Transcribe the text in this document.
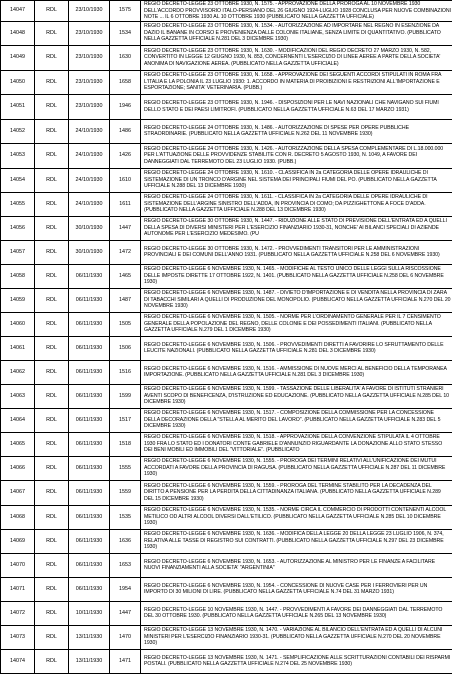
14047	RDL	23/10/1930	1575	REGIO DECRETO-LEGGE 23 OTTOBRE 1930, N. 1575. - APPROVAZIONE DELLA PROROGA AL 10 NOVEMBRE 1930 DELL'ACCORDO PROVVISORIO ITALO-PERSIANO DEL 26 GIUGNO 1924-LUGLIO 1928 CONCLUSA PER NUOVE COMBINAZIONI NOTE ... IL 6 OTTOBRE 1930 AL 10 OTTOBRE 1930 (PUBBLICATO NELLA GAZZETTA UFFICIALE)
14048	RDL	23/10/1930	1534	REGIO DECRETO-LEGGE 23 OTTOBRE 1930, N. 1534. - AUTORIZZAZIONE AD IMPORTARE NEL REGNO IN ESENZIONE DA DAZIO IL BANANE IN CORSO E PROVENIENZA DALLE COLONIE ITALIANE, SENZA LIMITE DI QUANTITATIVO. (PUBBLICATO NELLA GAZZETTA UFFICIALE N.281 DEL 3 DICEMBRE 1930)
14049	RDL	23/10/1930	1630	REGIO DECRETO-LEGGE 23 OTTOBRE 1930, N. 1630. - MODIFICAZIONI DEL REGIO DECRETO 27 MARZO 1930, N. 582, CONVERTITO IN LEGGE 12 GIUGNO 1930, N. 853, CONCERNENTI L'ESERCIZIO DI LINEE AEREE A PARTE DELLA SOCIETA' ANONIMA DI NAVIGAZIONE AEREA. (PUBBLICATO NELLA GAZZETTA UFFICIALE)
14050	RDL	23/10/1930	1658	REGIO DECRETO-LEGGE 23 OTTOBRE 1930, N. 1658. - APPROVAZIONE DEI SEGUENTI ACCORDI STIPULATI IN ROMA FRA L'ITALIA E LA POLONIA IL 23 LUGLIO 1930: 1. ACCORDO IN MATERIA DI PROIBIZIONI E RESTRIZIONI ALL'IMPORTAZIONE E ESPORTAZIONE; SANITA' VETERINARIA. (PUBB.)
14051	RDL	23/10/1930	1946	REGIO DECRETO-LEGGE 23 OTTOBRE 1930, N. 1946. - DISPOSIZIONI PER LE NAVI NAZIONALI CHE NAVIGANO SUI FIUMI DELLO STATO E DEI PAESI LIMITROFI. (PUBBLICATO NELLA GAZZETTA UFFICIALE N.63 DEL 17 MARZO 1931)
14052	RDL	24/10/1930	1486	REGIO DECRETO-LEGGE 24 OTTOBRE 1930, N. 1486. - AUTORIZZAZIONE DI SPESE PER OPERE PUBBLICHE STRAORDINARIE. (PUBBLICATO NELLA GAZZETTA UFFICIALE N.262 DEL 11 NOVEMBRE 1930)
14053	RDL	24/10/1930	1426	REGIO DECRETO-LEGGE 24 OTTOBRE 1930, N. 1426. - AUTORIZZAZIONE DELLA SPESA COMPLEMENTARE DI L.18.000.000 PER L'ATTUAZIONE DELLE PROVVIDENZE STABILITE CON R. DECRETO 5 AGOSTO 1930, N. 1049, A FAVORE DEI DANNEGGIATI DAL TERREMOTO DEL 23 LUGLIO 1930. (PUBB.)
14054	RDL	24/10/1930	1610	REGIO DECRETO-LEGGE 24 OTTOBRE 1930, N. 1610. - CLASSIFICA IN 2a CATEGORIA DELLE OPERE IDRAULICHE DI SISTEMAZIONE DI UN TRONCO D'ARGINE NEL SISTEMA DEI PRINCIPALI FIUMI DEL PO. (PUBBLICATO NELLA GAZZETTA UFFICIALE N.288 DEL 13 DICEMBRE 1930)
14055	RDL	24/10/1930	1611	REGIO DECRETO-LEGGE 24 OTTOBRE 1930, N. 1611. - CLASSIFICA IN 2a CATEGORIA DELLE OPERE IDRAULICHE DI SISTEMAZIONE DELL'ARGINE SINISTRO DELL'ADDA, IN PROVINCIA DI COMO; DA PIZZIGHETTONE A FOCE D'ADDA. (PUBBLICATO NELLA GAZZETTA UFFICIALE N.288 DEL 13 DICEMBRE 1930)
14056	RDL	30/10/1930	1447	REGIO DECRETO-LEGGE 30 OTTOBRE 1930, N. 1447. - RIDUZIONE ALLE STATO DI PREVISIONE DELL'ENTRATA ED A QUELLI DELLA SPESA DI DIVERSI MINISTERI PER L'ESERCIZIO FINANZIARIO 1930-31, NONCHE' AI BILANCI SPECIALI DI AZIENDE AUTONOME PER L'ESERCIZIO MEDESIMO. (PU
14057	RDL	30/10/1930	1472	REGIO DECRETO-LEGGE 30 OTTOBRE 1930, N. 1472. - PROVVEDIMENTI TRANSITORI PER LE AMMINISTRAZIONI PROVINCIALI E DEI COMUNI DELL'ANNO 1931. (PUBBLICATO NELLA GAZZETTA UFFICIALE N.258 DEL 6 NOVEMBRE 1930)
14058	RDL	06/11/1930	1465	REGIO DECRETO-LEGGE 6 NOVEMBRE 1930, N. 1465. - MODIFICHE AL TESTO UNICO DELLE LEGGI SULLA RISCOSSIONE DELLE IMPOSTE DIRETTE 17 OTTOBRE 1922, N. 1401. (PUBBLICATO NELLA GAZZETTA UFFICIALE N.258 DEL 6 NOVEMBRE 1930)
14059	RDL	06/11/1930	1487	REGIO DECRETO-LEGGE 6 NOVEMBRE 1930, N. 1487. - DIVIETO D'IMPORTAZIONE E DI VENDITA NELLA PROVINCIA DI ZARA DI TABACCHI SIMILARI A QUELLI DI PRODUZIONE DEL MONOPOLIO. (PUBBLICATO NELLA GAZZETTA UFFICIALE N.270 DEL 20 NOVEMBRE 1930)
14060	RDL	06/11/1930	1505	REGIO DECRETO-LEGGE 6 NOVEMBRE 1930, N. 1505. - NORME PER L'ORDINAMENTO GENERALE PER IL 7 CENSIMENTO GENERALE DELLA POPOLAZIONE DEL REGNO, DELLE COLONIE E DEI POSSEDIMENTI ITALIANI. (PUBBLICATO NELLA GAZZETTA UFFICIALE N.279 DEL 1 DICEMBRE 1930)
14061	RDL	06/11/1930	1506	REGIO DECRETO-LEGGE 6 NOVEMBRE 1930, N. 1506. - PROVVEDIMENTI DIRETTI A FAVORIRE LO SFRUTTAMENTO DELLE LEUCITE NAZIONALI. (PUBBLICATO NELLA GAZZETTA UFFICIALE N.281 DEL 3 DICEMBRE 1930)
14062	RDL	06/11/1930	1516	REGIO DECRETO-LEGGE 6 NOVEMBRE 1930, N. 1516. - AMMISSIONE DI NUOVE MERCI AL BENEFICIO DELLA TEMPORANEA IMPORTAZIONE. (PUBBLICATO NELLA GAZZETTA UFFICIALE N.281 DEL 3 DICEMBRE 1930)
14063	RDL	06/11/1930	1599	REGIO DECRETO-LEGGE 6 NOVEMBRE 1930, N. 1599. - TASSAZIONE DELLE LIBERALITA' A FAVORE DI ISTITUTI STRANIERI AVENTI SCOPO DI BENEFICENZA, D'ISTRUZIONE ED EDUCAZIONE. (PUBBLICATO NELLA GAZZETTA UFFICIALE N.285 DEL 10 DICEMBRE 1930)
14064	RDL	06/11/1930	1517	REGIO DECRETO-LEGGE 6 NOVEMBRE 1930, N. 1517. - COMPOSIZIONE DELLA COMMISSIONE PER LA CONCESSIONE DELLA DECORAZIONE DELLA "STELLA AL MERITO DEL LAVORO". (PUBBLICATO NELLA GAZZETTA UFFICIALE N.283 DEL 5 DICEMBRE 1930)
14065	RDL	06/11/1930	1518	REGIO DECRETO-LEGGE 6 NOVEMBRE 1930, N. 1518. - APPROVAZIONE DELLA CONVENZIONE STIPULATA IL 4 OTTOBRE 1930 FRA LO STATO ED I DONATORI CONTE GABRIELE D'ANNUNZIO RIGUARDANTE LA DONAZIONE ALLO STATO STESSO DEI BENI MOBILI ED IMMOBILI DEL "VITTORIALE". (PUBBLICATO
14066	RDL	06/11/1930	1555	REGIO DECRETO-LEGGE 6 NOVEMBRE 1930, N. 1555. - PROROGA DEI TERMINI RELATIVI ALL'UNIFICAZIONE DEI MUTUI ACCORDATI A FAVORE DELLA PROVINCIA DI RAGUSA. (PUBBLICATO NELLA GAZZETTA UFFICIALE N.287 DEL 11 DICEMBRE 1930)
14067	RDL	06/11/1930	1559	REGIO DECRETO-LEGGE 6 NOVEMBRE 1930, N. 1559. - PROROGA DEL TERMINE STABILITO PER LA DECADENZA DEL DIRITTO A PENSIONE PER LA PERDITA DELLA CITTADINANZA ITALIANA. (PUBBLICATO NELLA GAZZETTA UFFICIALE N.289 DEL 15 DICEMBRE 1930)
14068	RDL	06/11/1930	1535	REGIO DECRETO-LEGGE 6 NOVEMBRE 1930, N. 1535. - NORME CIRCA IL COMMERCIO DI PRODOTTI CONTENENTI ALCOOL METILICO OD ALTRI ALCOOL DIVERSI DALL'ETILICO. (PUBBLICATO NELLA GAZZETTA UFFICIALE N.285 DEL 10 DICEMBRE 1930)
14069	RDL	06/11/1930	1636	REGIO DECRETO-LEGGE 6 NOVEMBRE 1930, N. 1636. - MODIFICA DELLA LEGGE 20 DELLA LEGGE 23 LUGLIO 1906, N. 374, RELATIVA ALLE TASSE DI REGISTRO SUI CONTRATTI. (PUBBLICATO NELLA GAZZETTA UFFICIALE N.297 DEL 23 DICEMBRE 1930)
14070	RDL	06/11/1930	1653	REGIO DECRETO-LEGGE 6 NOVEMBRE 1930, N. 1653. - AUTORIZZAZIONE AL MINISTRO PER LE FINANZE A FACILITARE NUOVI FINANZIAMENTI ALLA SOCIETA' "ARGENTINIA"
14071	RDL	06/11/1930	1954	REGIO DECRETO-LEGGE 6 NOVEMBRE 1930, N. 1954. - CONCESSIONE DI NUOVE CASE PER I FERROVIERI PER UN IMPORTO DI 30 MILIONI DI LIRE. (PUBBLICATO NELLA GAZZETTA UFFICIALE N.74 DEL 31 MARZO 1931)
14072	RDL	10/11/1930	1447	REGIO DECRETO-LEGGE 10 NOVEMBRE 1930, N. 1447. - PROVVEDIMENTI A FAVORE DEI DANNEGGIATI DAL TERREMOTO DEL 30 OTTOBRE 1930. (PUBBLICATO NELLA GAZZETTA UFFICIALE N.265 DEL 13 NOVEMBRE 1930)
14073	RDL	13/11/1930	1470	REGIO DECRETO-LEGGE 13 NOVEMBRE 1930, N. 1470. - VARIAZIONE AL BILANCIO DELL'ENTRATA ED A QUELLI DI ALCUNI MINISTERI PER L'ESERCIZIO FINANZIARIO 1930-31. (PUBBLICATO NELLA GAZZETTA UFFICIALE N.270 DEL 20 NOVEMBRE 1930)
14074	RDL	13/11/1930	1471	REGIO DECRETO-LEGGE 13 NOVEMBRE 1930, N. 1471. - SEMPLIFICAZIONE ALLE SCRITTURAZIONI CONTABILI DEI RISPARMI POSTALI. (PUBBLICATO NELLA GAZZETTA UFFICIALE N.274 DEL 25 NOVEMBRE 1930)
